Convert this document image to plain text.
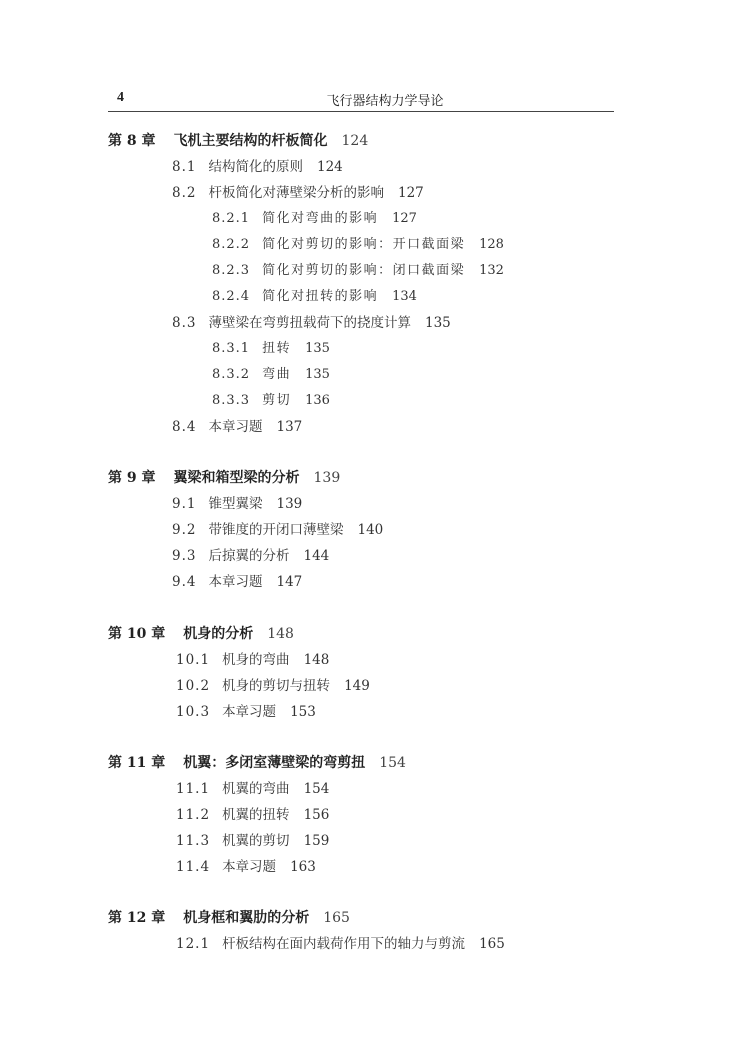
4	飞行器结构力学导论
第 8 章 飞机主要结构的杆板简化 124
8.1 结构简化的原则 124
8.2 杆板简化对薄壁梁分析的影响 127
8.2.1 简化对弯曲的影响 127
8.2.2 简化对剪切的影响：开口截面梁 128
8.2.3 简化对剪切的影响：闭口截面梁 132
8.2.4 简化对扭转的影响 134
8.3 薄壁梁在弯剪扭载荷下的挠度计算 135
8.3.1 扭转 135
8.3.2 弯曲 135
8.3.3 剪切 136
8.4 本章习题 137
第 9 章 翼梁和箱型梁的分析 139
9.1 锥型翼梁 139
9.2 带锥度的开闭口薄壁梁 140
9.3 后掠翼的分析 144
9.4 本章习题 147
第 10 章 机身的分析 148
10.1 机身的弯曲 148
10.2 机身的剪切与扭转 149
10.3 本章习题 153
第 11 章 机翼：多闭室薄壁梁的弯剪扭 154
11.1 机翼的弯曲 154
11.2 机翼的扭转 156
11.3 机翼的剪切 159
11.4 本章习题 163
第 12 章 机身框和翼肋的分析 165
12.1 杆板结构在面内载荷作用下的轴力与剪流 165
